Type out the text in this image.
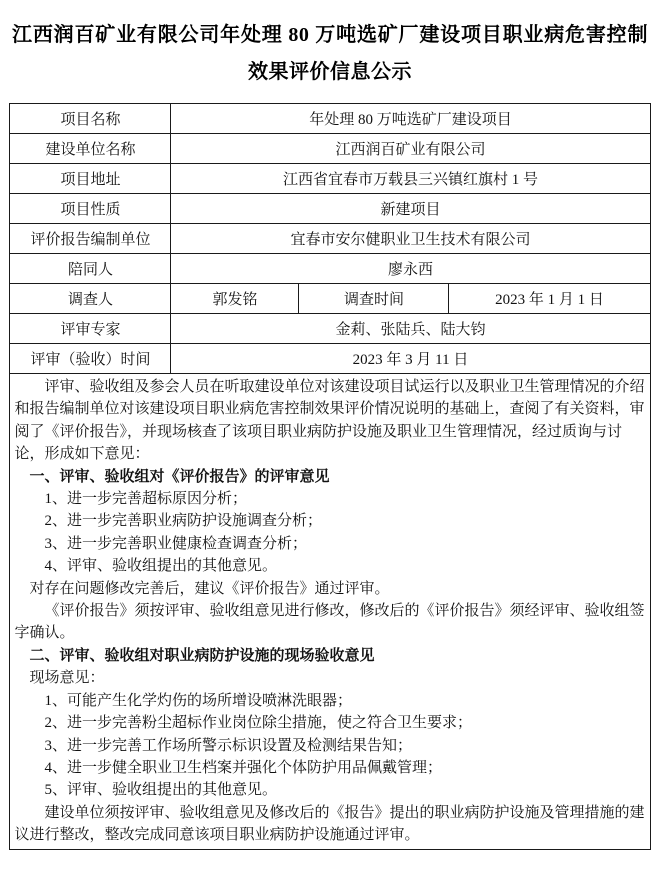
江西润百矿业有限公司年处理 80 万吨选矿厂建设项目职业病危害控制效果评价信息公示
项目名称	年处理 80 万吨选矿厂建设项目		
建设单位名称	江西润百矿业有限公司		
项目地址	江西省宜春市万载县三兴镇红旗村 1 号		
项目性质	新建项目		
评价报告编制单位	宜春市安尔健职业卫生技术有限公司		
陪同人	廖永西		
调查人	郭发铭	调查时间	2023 年 1 月 1 日
评审专家	金莉、张陆兵、陆大钧		
评审（验收）时间	2023 年 3 月 11 日		

评审、验收组及参会人员在听取建设单位对该建设项目试运行以及职业卫生管理情况的介绍和报告编制单位对该建设项目职业病危害控制效果评价情况说明的基础上，查阅了有关资料，审阅了《评价报告》，并现场核查了该项目职业病防护设施及职业卫生管理情况，经过质询与讨论，形成如下意见：

一、评审、验收组对《评价报告》的评审意见

1、进一步完善超标原因分析；

2、进一步完善职业病防护设施调查分析；

3、进一步完善职业健康检查调查分析；

4、评审、验收组提出的其他意见。

对存在问题修改完善后，建议《评价报告》通过评审。

《评价报告》须按评审、验收组意见进行修改，修改后的《评价报告》须经评审、验收组签字确认。

二、评审、验收组对职业病防护设施的现场验收意见

现场意见：

1、可能产生化学灼伤的场所增设喷淋洗眼器；

2、进一步完善粉尘超标作业岗位除尘措施，使之符合卫生要求；

3、进一步完善工作场所警示标识设置及检测结果告知；

4、进一步健全职业卫生档案并强化个体防护用品佩戴管理；

5、评审、验收组提出的其他意见。

建设单位须按评审、验收组意见及修改后的《报告》提出的职业病防护设施及管理措施的建议进行整改，整改完成同意该项目职业病防护设施通过评审。
